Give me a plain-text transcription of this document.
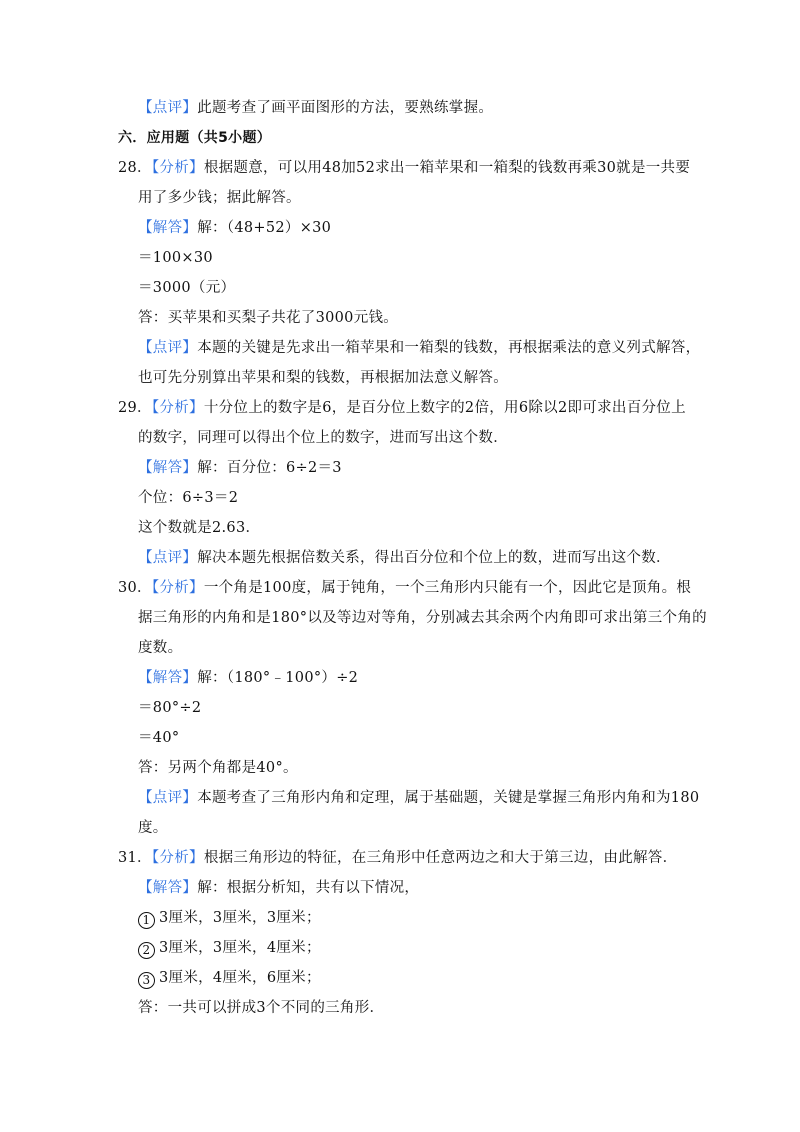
【点评】此题考查了画平面图形的方法，要熟练掌握。
六．应用题（共5小题）
28．【分析】根据题意，可以用48加52求出一箱苹果和一箱梨的钱数再乘30就是一共要
用了多少钱；据此解答。
【解答】解：（48+52）×30
＝100×30
＝3000（元）
答：买苹果和买梨子共花了3000元钱。
【点评】本题的关键是先求出一箱苹果和一箱梨的钱数，再根据乘法的意义列式解答，
也可先分别算出苹果和梨的钱数，再根据加法意义解答。
29．【分析】十分位上的数字是6，是百分位上数字的2倍，用6除以2即可求出百分位上
的数字，同理可以得出个位上的数字，进而写出这个数．
【解答】解：百分位：6÷2＝3
个位：6÷3＝2
这个数就是2.63．
【点评】解决本题先根据倍数关系，得出百分位和个位上的数，进而写出这个数．
30．【分析】一个角是100度，属于钝角，一个三角形内只能有一个，因此它是顶角。根
据三角形的内角和是180°以及等边对等角，分别减去其余两个内角即可求出第三个角的
度数。
【解答】解：（180°﹣100°）÷2
＝80°÷2
＝40°
答：另两个角都是40°。
【点评】本题考查了三角形内角和定理，属于基础题，关键是掌握三角形内角和为180
度。
31．【分析】根据三角形边的特征，在三角形中任意两边之和大于第三边，由此解答．
【解答】解：根据分析知，共有以下情况，
1 3厘米，3厘米，3厘米；
2 3厘米，3厘米，4厘米；
3 3厘米，4厘米，6厘米；
答：一共可以拼成3个不同的三角形．
